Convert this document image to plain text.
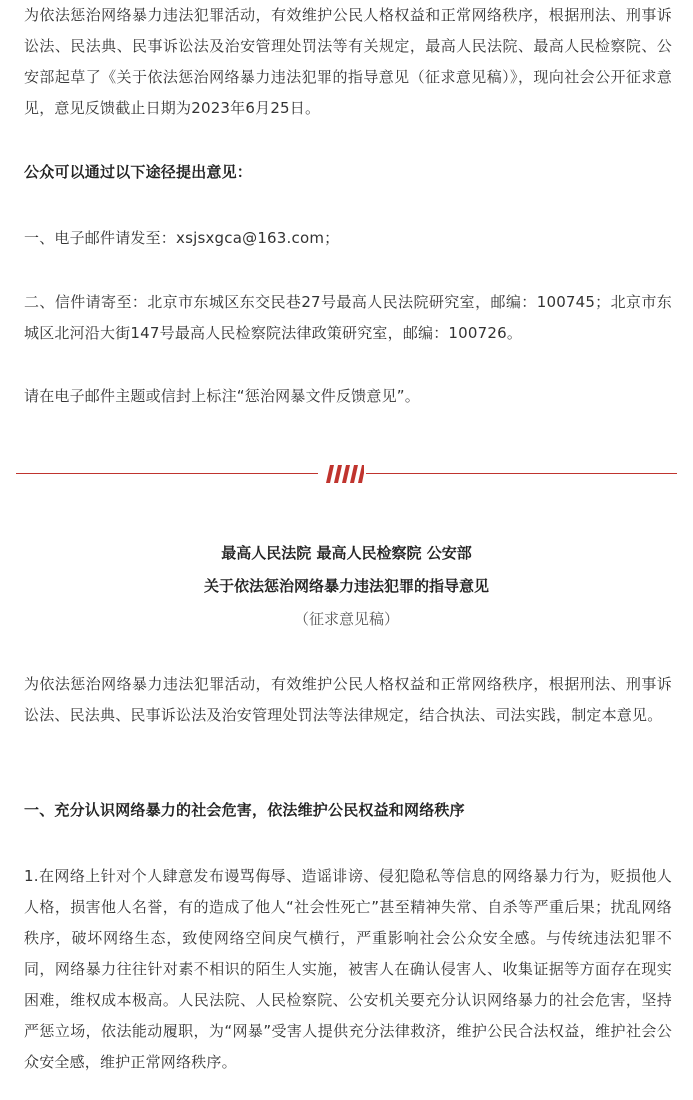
为依法惩治网络暴力违法犯罪活动，有效维护公民人格权益和正常网络秩序，根据刑法、刑事诉讼法、民法典、民事诉讼法及治安管理处罚法等有关规定，最高人民法院、最高人民检察院、公安部起草了《关于依法惩治网络暴力违法犯罪的指导意见（征求意见稿）》，现向社会公开征求意见，意见反馈截止日期为2023年6月25日。

公众可以通过以下途径提出意见：

一、电子邮件请发至：xsjsxgca@163.com；

二、信件请寄至：北京市东城区东交民巷27号最高人民法院研究室，邮编：100745；北京市东城区北河沿大街147号最高人民检察院法律政策研究室，邮编：100726。

请在电子邮件主题或信封上标注“惩治网暴文件反馈意见”。

最高人民法院 最高人民检察院 公安部

关于依法惩治网络暴力违法犯罪的指导意见

（征求意见稿）

为依法惩治网络暴力违法犯罪活动，有效维护公民人格权益和正常网络秩序，根据刑法、刑事诉讼法、民法典、民事诉讼法及治安管理处罚法等法律规定，结合执法、司法实践，制定本意见。

一、充分认识网络暴力的社会危害，依法维护公民权益和网络秩序

1.在网络上针对个人肆意发布谩骂侮辱、造谣诽谤、侵犯隐私等信息的网络暴力行为，贬损他人人格，损害他人名誉，有的造成了他人“社会性死亡”甚至精神失常、自杀等严重后果；扰乱网络秩序，破坏网络生态，致使网络空间戾气横行，严重影响社会公众安全感。与传统违法犯罪不同，网络暴力往往针对素不相识的陌生人实施，被害人在确认侵害人、收集证据等方面存在现实困难，维权成本极高。人民法院、人民检察院、公安机关要充分认识网络暴力的社会危害，坚持严惩立场，依法能动履职，为“网暴”受害人提供充分法律救济，维护公民合法权益，维护社会公众安全感，维护正常网络秩序。
